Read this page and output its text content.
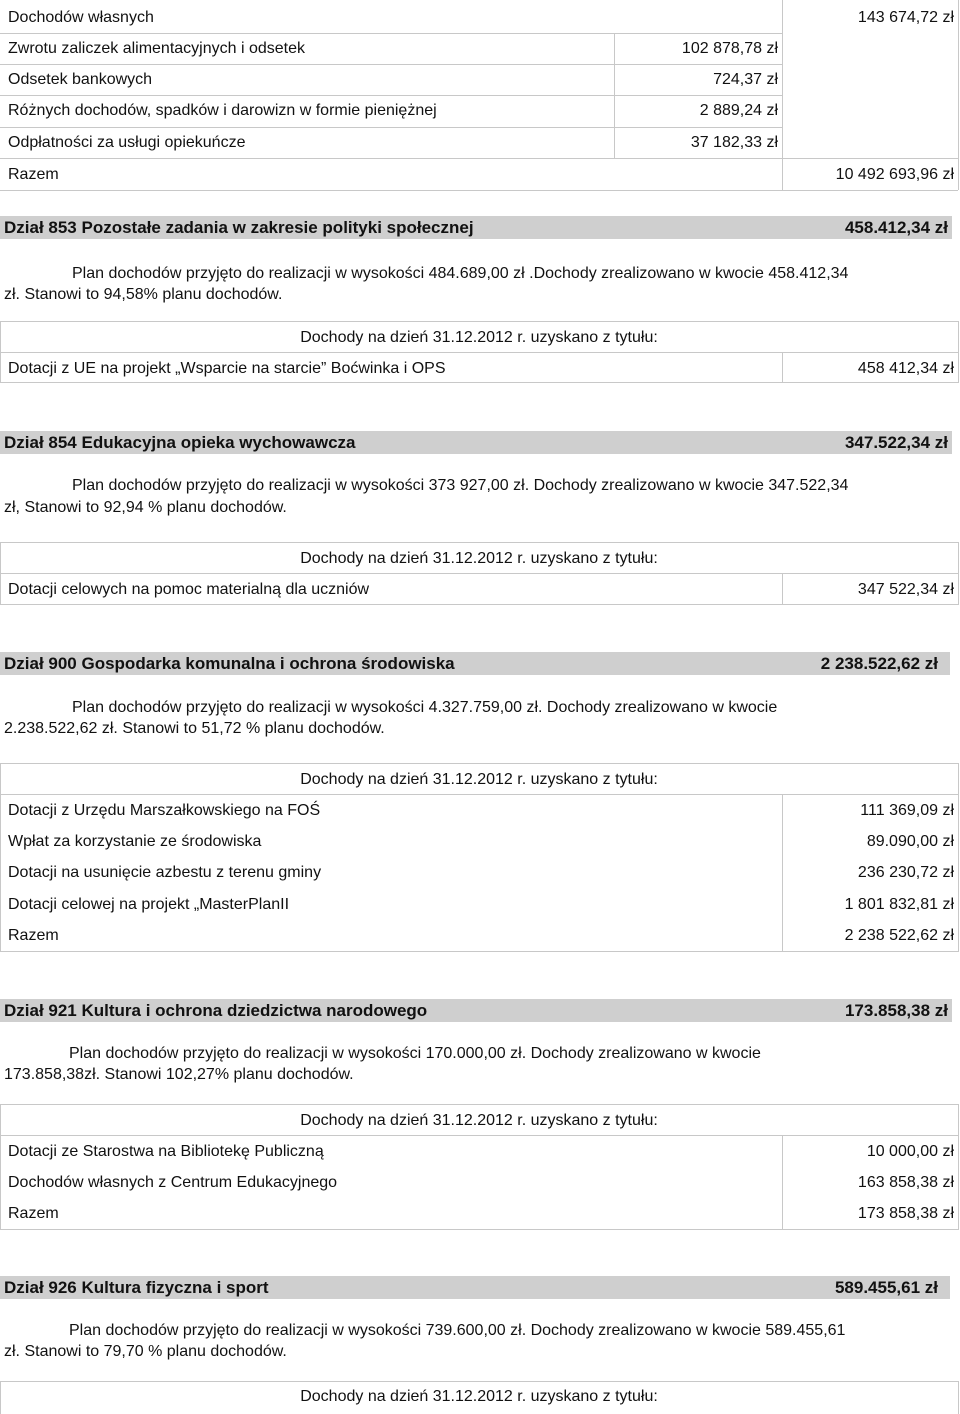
Dochodów własnych	143 674,72 zł
Zwrotu zaliczek alimentacyjnych i odsetek	102 878,78 zł
Odsetek bankowych	724,37 zł
Różnych dochodów, spadków i darowizn w formie pieniężnej	2 889,24 zł
Odpłatności za usługi opiekuńcze	37 182,33 zł
Razem	10 492 693,96 zł
Dział 853 Pozostałe zadania w zakresie polityki społecznej	458.412,34 zł
Plan dochodów przyjęto do realizacji w wysokości 484.689,00 zł .Dochody zrealizowano w kwocie 458.412,34
zł. Stanowi to 94,58% planu dochodów.
Dochody na dzień 31.12.2012 r. uzyskano z tytułu:
Dotacji z UE na projekt „Wsparcie na starcie” Boćwinka i OPS	458 412,34 zł
Dział 854 Edukacyjna opieka wychowawcza	347.522,34 zł
Plan dochodów przyjęto do realizacji w wysokości 373 927,00 zł. Dochody zrealizowano w kwocie 347.522,34
zł, Stanowi to 92,94 % planu dochodów.
Dochody na dzień 31.12.2012 r. uzyskano z tytułu:
Dotacji celowych na pomoc materialną dla uczniów	347 522,34 zł
Dział 900 Gospodarka komunalna i ochrona środowiska	2 238.522,62 zł
Plan dochodów przyjęto do realizacji w wysokości 4.327.759,00 zł. Dochody zrealizowano w kwocie
2.238.522,62 zł. Stanowi to 51,72 % planu dochodów.
Dochody na dzień 31.12.2012 r. uzyskano z tytułu:
Dotacji z Urzędu Marszałkowskiego na FOŚ	111 369,09 zł
Wpłat za korzystanie ze środowiska	89.090,00 zł
Dotacji na usunięcie azbestu z terenu gminy	236 230,72 zł
Dotacji celowej na projekt „MasterPlanII	1 801 832,81 zł
Razem	2 238 522,62 zł
Dział 921 Kultura i ochrona dziedzictwa narodowego	173.858,38 zł
Plan dochodów przyjęto do realizacji w wysokości 170.000,00 zł. Dochody zrealizowano w kwocie
173.858,38zł. Stanowi 102,27% planu dochodów.
Dochody na dzień 31.12.2012 r. uzyskano z tytułu:
Dotacji ze Starostwa na Bibliotekę Publiczną	10 000,00 zł
Dochodów własnych z Centrum Edukacyjnego	163 858,38 zł
Razem	173 858,38 zł
Dział 926 Kultura fizyczna i sport	589.455,61 zł
Plan dochodów przyjęto do realizacji w wysokości 739.600,00 zł. Dochody zrealizowano w kwocie 589.455,61
zł. Stanowi to 79,70 % planu dochodów.
Dochody na dzień 31.12.2012 r. uzyskano z tytułu:
